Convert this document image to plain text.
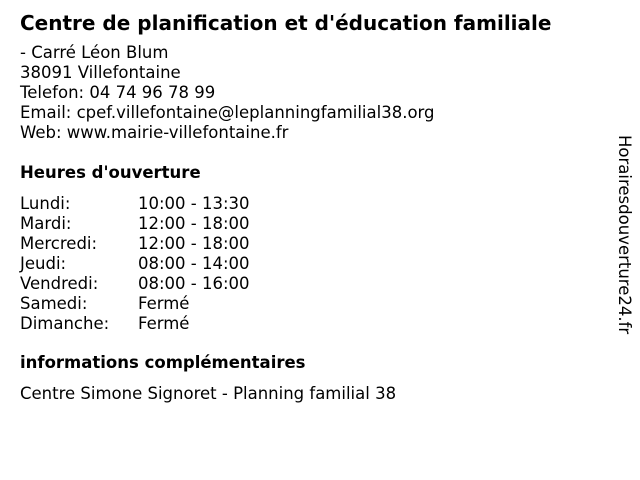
Centre de planification et d'éducation familiale
- Carré Léon Blum
38091 Villefontaine
Telefon: 04 74 96 78 99
Email: cpef.villefontaine@leplanningfamilial38.org
Web: www.mairie-villefontaine.fr
Heures d'ouverture
Lundi:	10:00 - 13:30
Mardi:	12:00 - 18:00
Mercredi: 12:00 - 18:00
Jeudi:	08:00 - 14:00
Vendredi: 08:00 - 16:00
Samedi:	Fermé
Dimanche: Fermé
informations complémentaires
Centre Simone Signoret - Planning familial 38
Horairesdouverture24.fr
